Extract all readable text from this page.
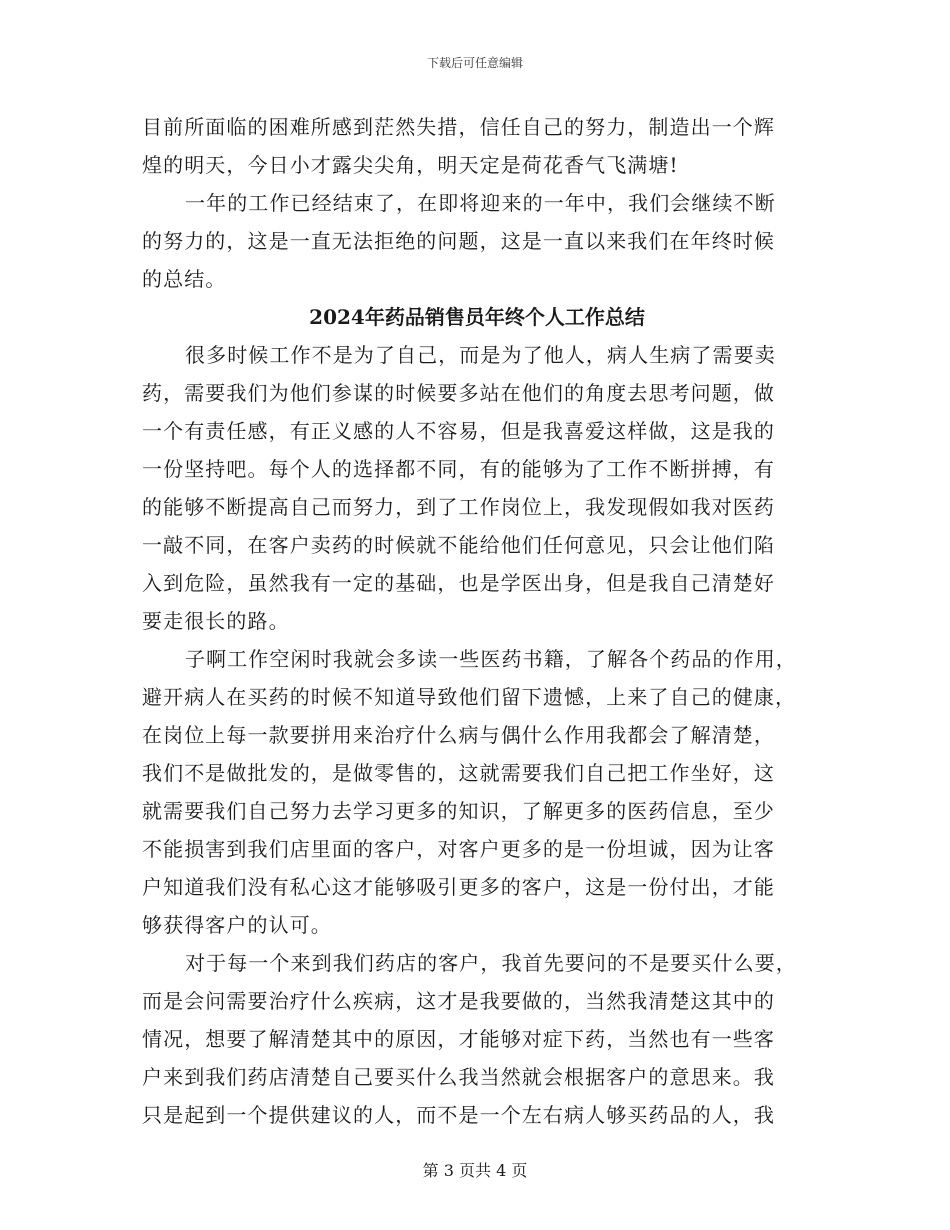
下载后可任意编辑
目前所面临的困难所感到茫然失措，信任自己的努力，制造出一个辉
煌的明天，今日小才露尖尖角，明天定是荷花香气飞满塘!
一年的工作已经结束了，在即将迎来的一年中，我们会继续不断
的努力的，这是一直无法拒绝的问题，这是一直以来我们在年终时候
的总结。
2024年药品销售员年终个人工作总结
很多时候工作不是为了自己，而是为了他人，病人生病了需要卖
药，需要我们为他们参谋的时候要多站在他们的角度去思考问题，做
一个有责任感，有正义感的人不容易，但是我喜爱这样做，这是我的
一份坚持吧。每个人的选择都不同，有的能够为了工作不断拼搏，有
的能够不断提高自己而努力，到了工作岗位上，我发现假如我对医药
一敲不同，在客户卖药的时候就不能给他们任何意见，只会让他们陷
入到危险，虽然我有一定的基础，也是学医出身，但是我自己清楚好
要走很长的路。
子啊工作空闲时我就会多读一些医药书籍，了解各个药品的作用，
避开病人在买药的时候不知道导致他们留下遗憾，上来了自己的健康，
在岗位上每一款要拼用来治疗什么病与偶什么作用我都会了解清楚，
我们不是做批发的，是做零售的，这就需要我们自己把工作坐好，这
就需要我们自己努力去学习更多的知识，了解更多的医药信息，至少
不能损害到我们店里面的客户，对客户更多的是一份坦诚，因为让客
户知道我们没有私心这才能够吸引更多的客户，这是一份付出，才能
够获得客户的认可。
对于每一个来到我们药店的客户，我首先要问的不是要买什么要，
而是会问需要治疗什么疾病，这才是我要做的，当然我清楚这其中的
情况，想要了解清楚其中的原因，才能够对症下药，当然也有一些客
户来到我们药店清楚自己要买什么我当然就会根据客户的意思来。我
只是起到一个提供建议的人，而不是一个左右病人够买药品的人，我
第 3 页共 4 页
